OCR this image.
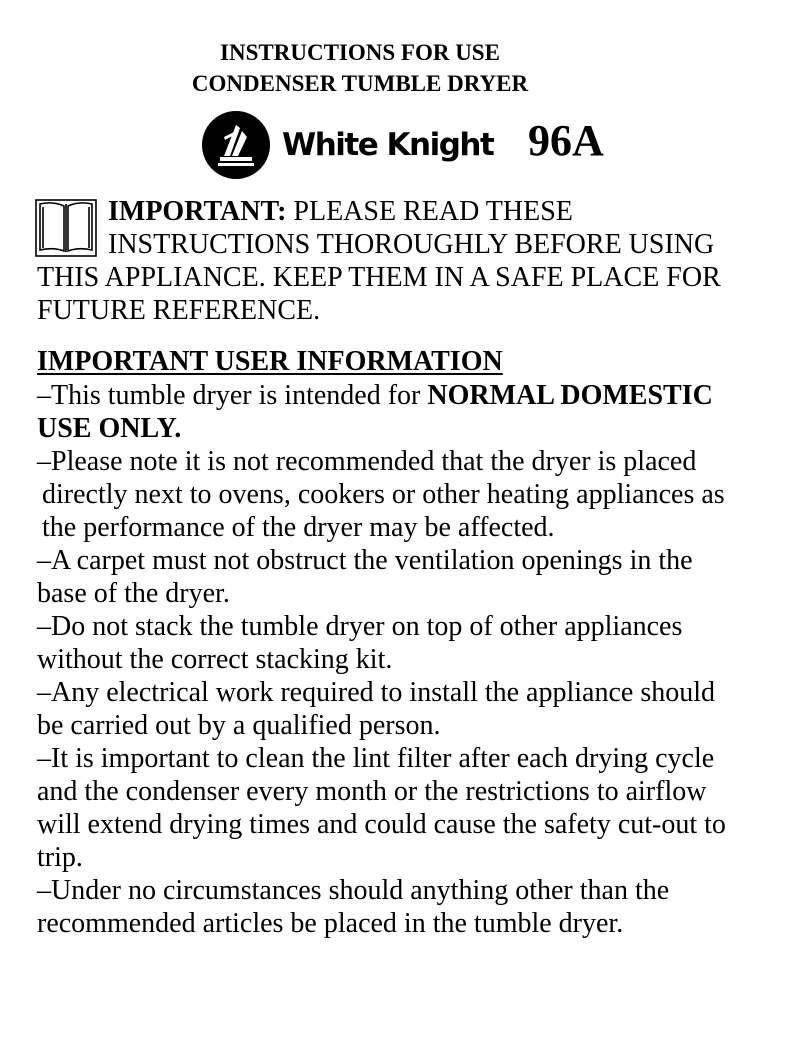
INSTRUCTIONS FOR USE
CONDENSER TUMBLE DRYER
White Knight 96A
IMPORTANT: PLEASE READ THESE
INSTRUCTIONS THOROUGHLY BEFORE USING
THIS APPLIANCE. KEEP THEM IN A SAFE PLACE FOR
FUTURE REFERENCE.
IMPORTANT USER INFORMATION
–This tumble dryer is intended for NORMAL DOMESTIC
USE ONLY.
–Please note it is not recommended that the dryer is placed
directly next to ovens, cookers or other heating appliances as
the performance of the dryer may be affected.
–A carpet must not obstruct the ventilation openings in the
base of the dryer.
–Do not stack the tumble dryer on top of other appliances
without the correct stacking kit.
–Any electrical work required to install the appliance should
be carried out by a qualified person.
–It is important to clean the lint filter after each drying cycle
and the condenser every month or the restrictions to airflow
will extend drying times and could cause the safety cut-out to
trip.
–Under no circumstances should anything other than the
recommended articles be placed in the tumble dryer.
